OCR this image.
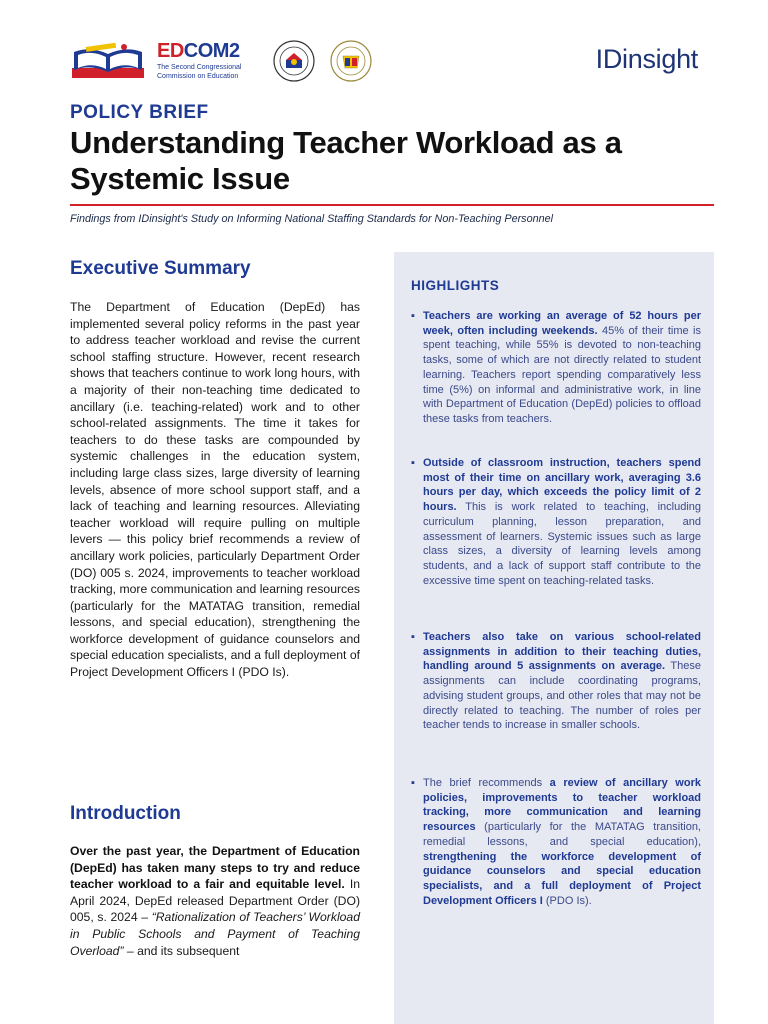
EDCOM2
The Second Congressional Commission on Education
IDinsight
POLICY BRIEF
Understanding Teacher Workload as a Systemic Issue
Findings from IDinsight's Study on Informing National Staffing Standards for Non-Teaching Personnel
Executive Summary

The Department of Education (DepEd) has implemented several policy reforms in the past year to address teacher workload and revise the current school staffing structure. However, recent research shows that teachers continue to work long hours, with a majority of their non-teaching time dedicated to ancillary (i.e. teaching-related) work and to other school-related assignments. The time it takes for teachers to do these tasks are compounded by systemic challenges in the education system, including large class sizes, large diversity of learning levels, absence of more school support staff, and a lack of teaching and learning resources. Alleviating teacher workload will require pulling on multiple levers — this policy brief recommends a review of ancillary work policies, particularly Department Order (DO) 005 s. 2024, improvements to teacher workload tracking, more communication and learning resources (particularly for the MATATAG transition, remedial lessons, and special education), strengthening the workforce development of guidance counselors and special education specialists, and a full deployment of Project Development Officers I (PDO Is).

Introduction

Over the past year, the Department of Education (DepEd) has taken many steps to try and reduce teacher workload to a fair and equitable level. In April 2024, DepEd released Department Order (DO) 005, s. 2024 – “Rationalization of Teachers’ Workload in Public Schools and Payment of Teaching Overload” – and its subsequent

HIGHLIGHTS
▪ Teachers are working an average of 52 hours per week, often including weekends. 45% of their time is spent teaching, while 55% is devoted to non-teaching tasks, some of which are not directly related to student learning. Teachers report spending comparatively less time (5%) on informal and administrative work, in line with Department of Education (DepEd) policies to offload these tasks from teachers.
▪ Outside of classroom instruction, teachers spend most of their time on ancillary work, averaging 3.6 hours per day, which exceeds the policy limit of 2 hours. This is work related to teaching, including curriculum planning, lesson preparation, and assessment of learners. Systemic issues such as large class sizes, a diversity of learning levels among students, and a lack of support staff contribute to the excessive time spent on teaching-related tasks.
▪ Teachers also take on various school-related assignments in addition to their teaching duties, handling around 5 assignments on average. These assignments can include coordinating programs, advising student groups, and other roles that may not be directly related to teaching. The number of roles per teacher tends to increase in smaller schools.
▪ The brief recommends a review of ancillary work policies, improvements to teacher workload tracking, more communication and learning resources (particularly for the MATATAG transition, remedial lessons, and special education), strengthening the workforce development of guidance counselors and special education specialists, and a full deployment of Project Development Officers I (PDO Is).
